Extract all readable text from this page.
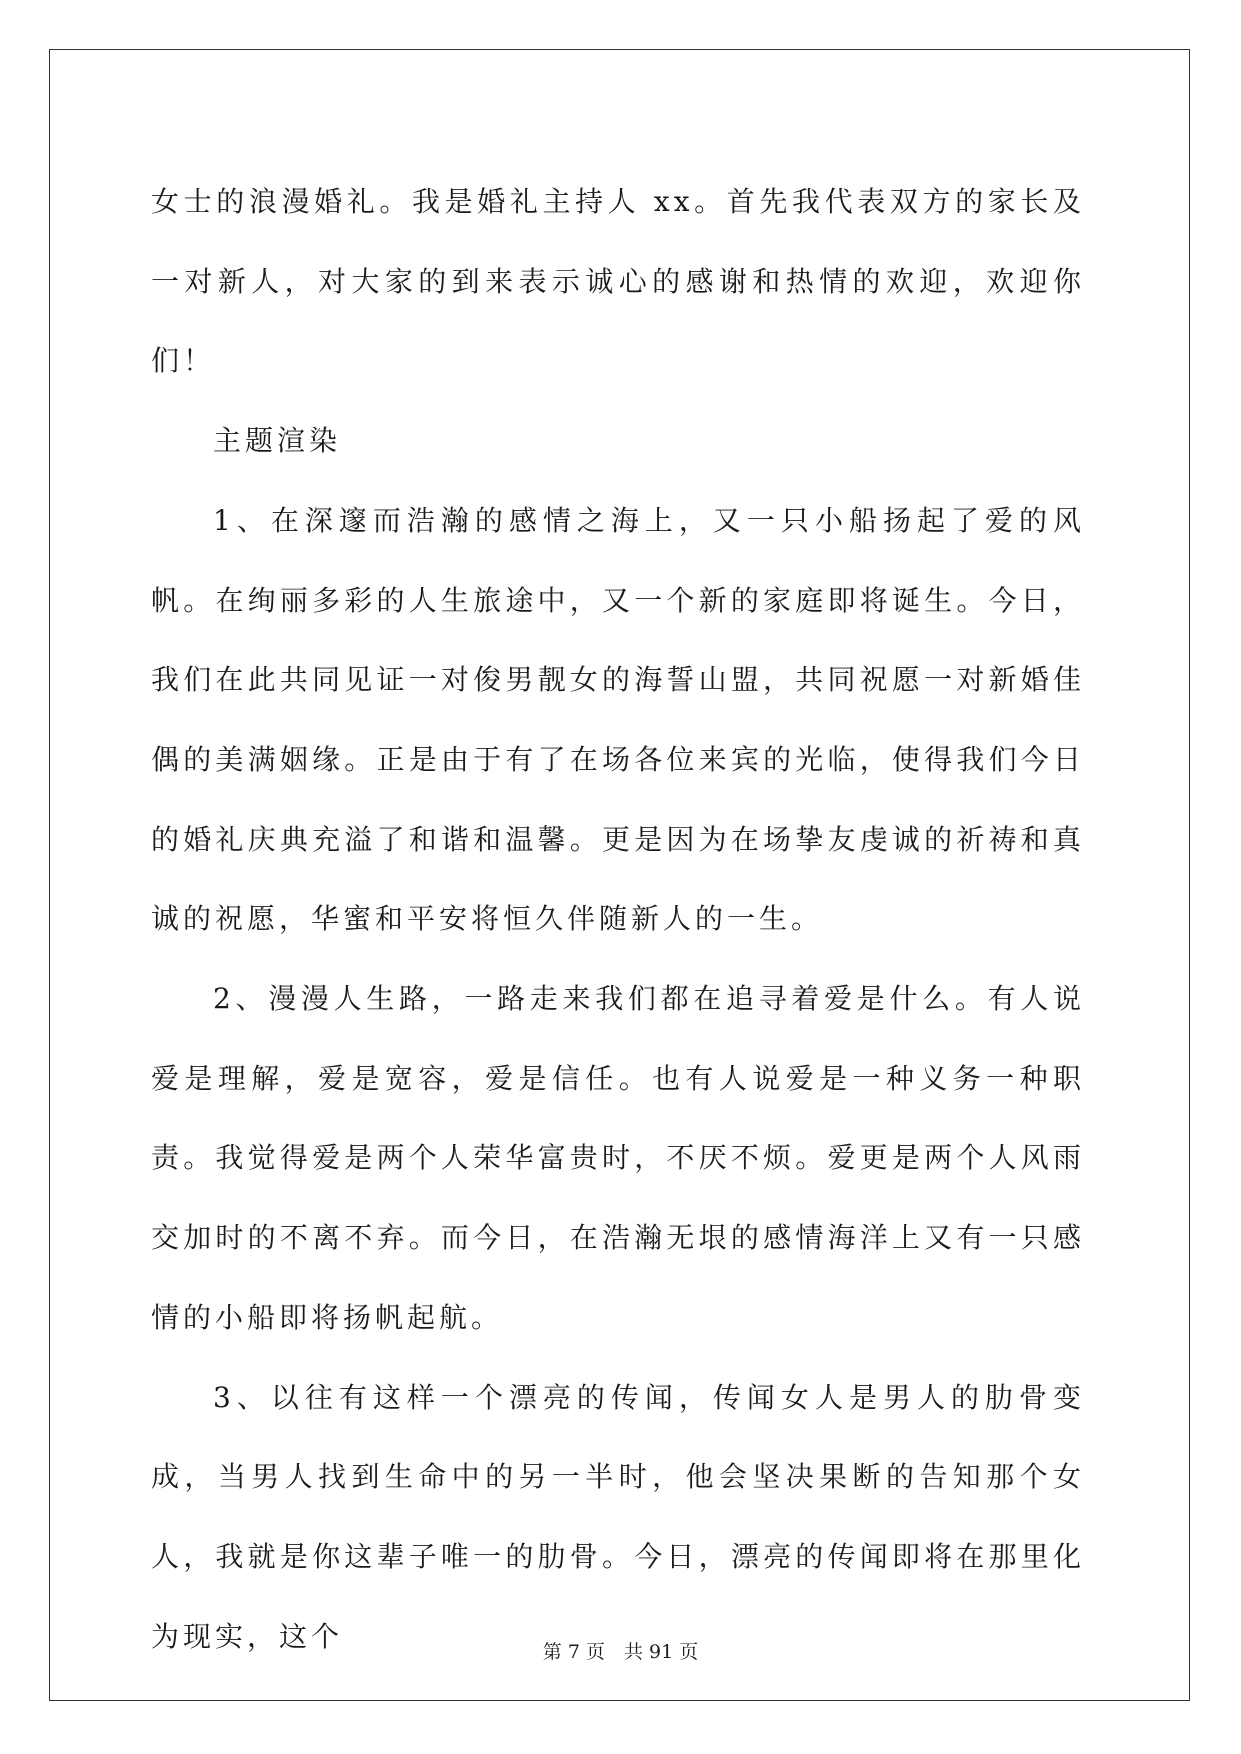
女士的浪漫婚礼。我是婚礼主持人 xx。首先我代表双方的家长及一对新人，对大家的到来表示诚心的感谢和热情的欢迎，欢迎你们！

主题渲染

1、在深邃而浩瀚的感情之海上，又一只小船扬起了爱的风帆。在绚丽多彩的人生旅途中，又一个新的家庭即将诞生。今日，我们在此共同见证一对俊男靓女的海誓山盟，共同祝愿一对新婚佳偶的美满姻缘。正是由于有了在场各位来宾的光临，使得我们今日的婚礼庆典充溢了和谐和温馨。更是因为在场挚友虔诚的祈祷和真诚的祝愿，华蜜和平安将恒久伴随新人的一生。

2、漫漫人生路，一路走来我们都在追寻着爱是什么。有人说爱是理解，爱是宽容，爱是信任。也有人说爱是一种义务一种职责。我觉得爱是两个人荣华富贵时，不厌不烦。爱更是两个人风雨交加时的不离不弃。而今日，在浩瀚无垠的感情海洋上又有一只感情的小船即将扬帆起航。

3、以往有这样一个漂亮的传闻，传闻女人是男人的肋骨变成，当男人找到生命中的另一半时，他会坚决果断的告知那个女人，我就是你这辈子唯一的肋骨。今日，漂亮的传闻即将在那里化为现实，这个	第 7 页　共 91 页
